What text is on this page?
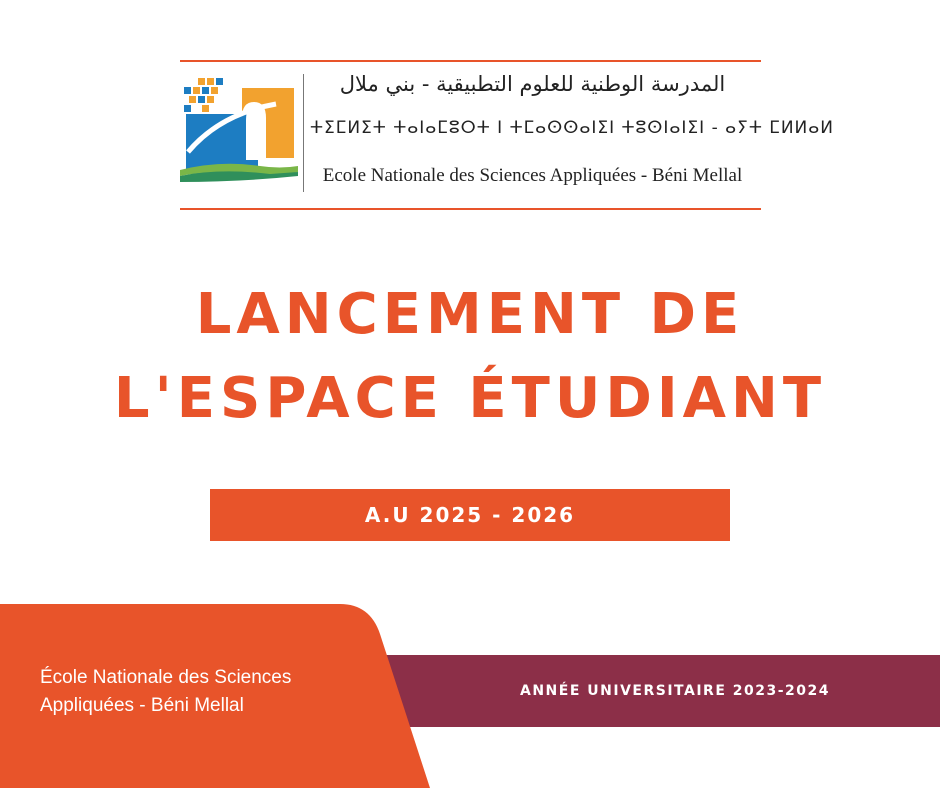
المدرسة الوطنية للعلوم التطبيقية - بني ملال
ⵜⵉⵎⵍⵉⵜ ⵜⴰⵏⴰⵎⵓⵔⵜ ⵏ ⵜⵎⴰⵙⵙⴰⵏⵉⵏ ⵜⵓⵙⵏⴰⵏⵉⵏ - ⴰⵢⵜ ⵎⵍⵍⴰⵍ
Ecole Nationale des Sciences Appliquées - Béni Mellal
LANCEMENT DE
L'ESPACE ÉTUDIANT
A.U 2025 - 2026
ANNÉE UNIVERSITAIRE 2023-2024
École Nationale des Sciences Appliquées - Béni Mellal
